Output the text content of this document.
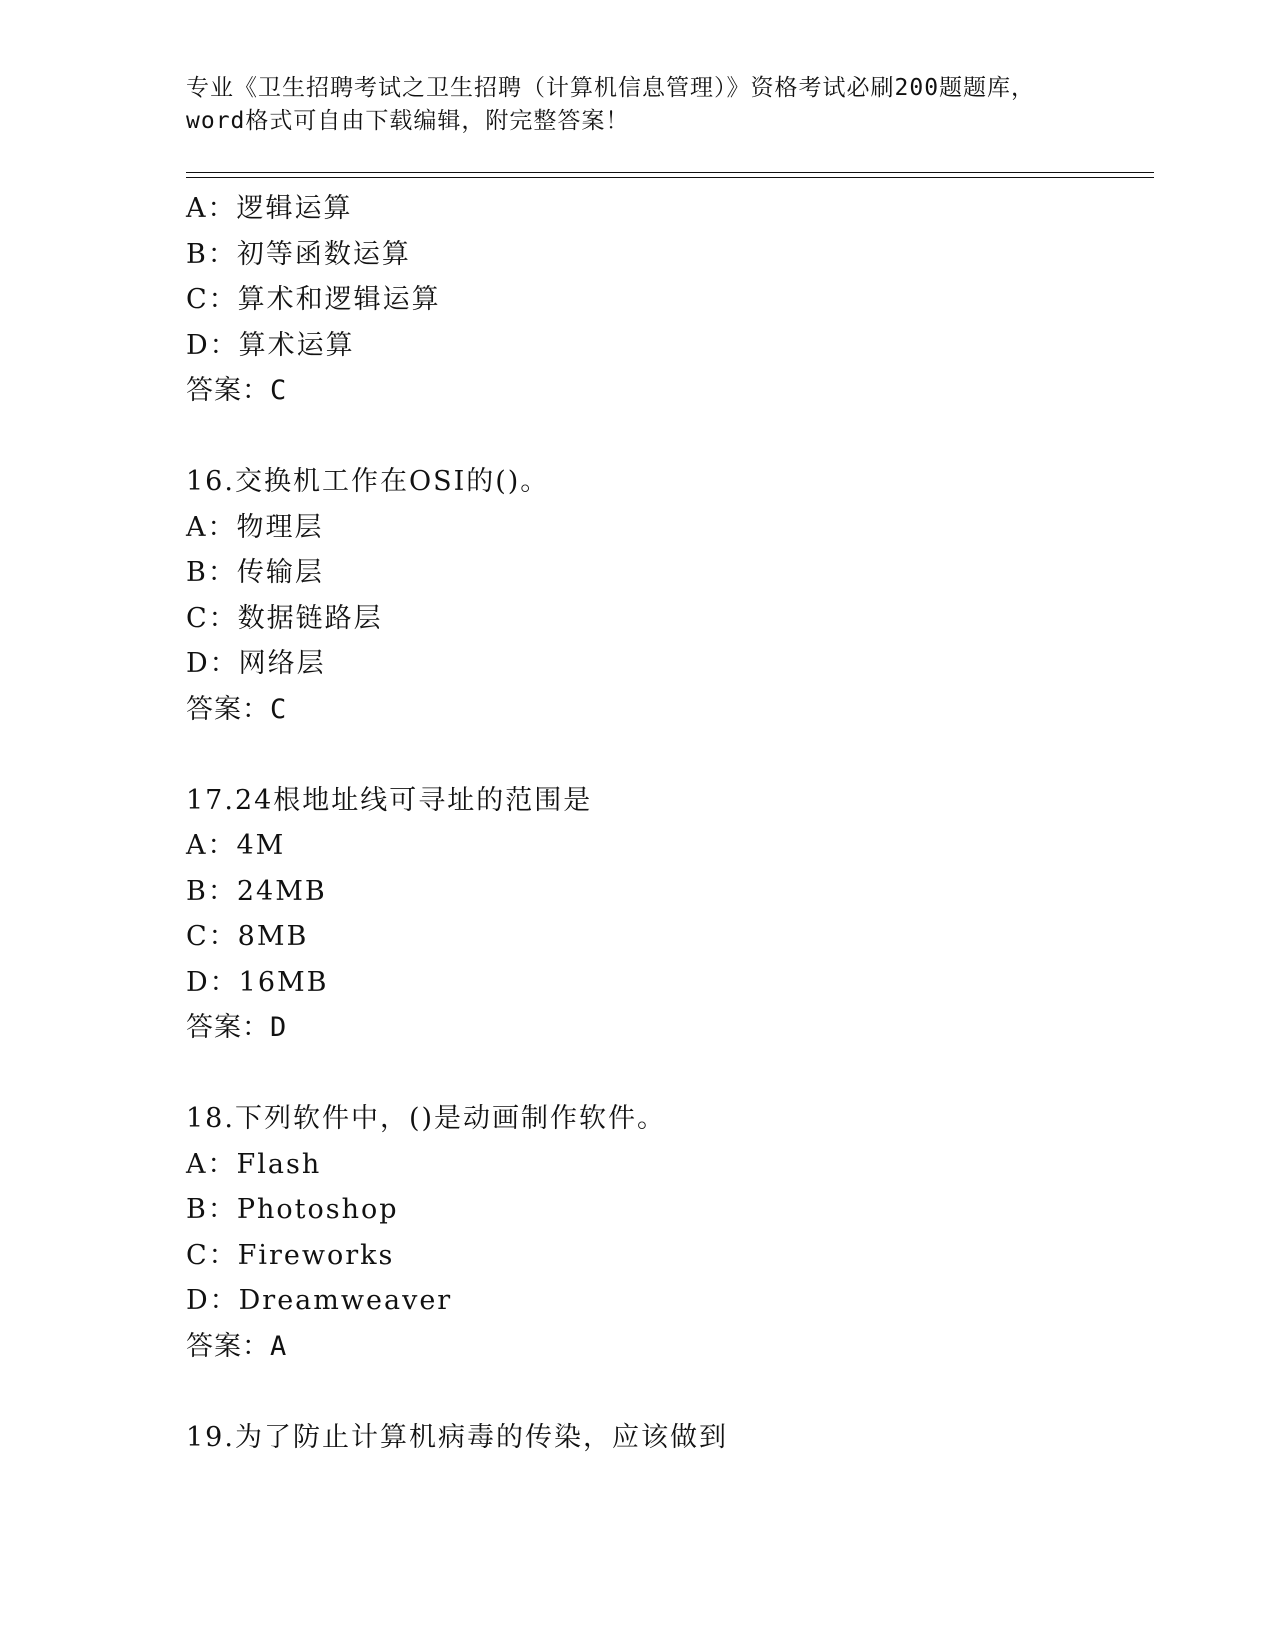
专业《卫生招聘考试之卫生招聘（计算机信息管理）》资格考试必刷200题题库，
word格式可自由下载编辑，附完整答案！
A：逻辑运算
B：初等函数运算
C：算术和逻辑运算
D：算术运算
答案：C
16.交换机工作在OSI的()。
A：物理层
B：传输层
C：数据链路层
D：网络层
答案：C
17.24根地址线可寻址的范围是
A：4M
B：24MB
C：8MB
D：16MB
答案：D
18.下列软件中，()是动画制作软件。
A：Flash
B：Photoshop
C：Fireworks
D：Dreamweaver
答案：A
19.为了防止计算机病毒的传染，应该做到
